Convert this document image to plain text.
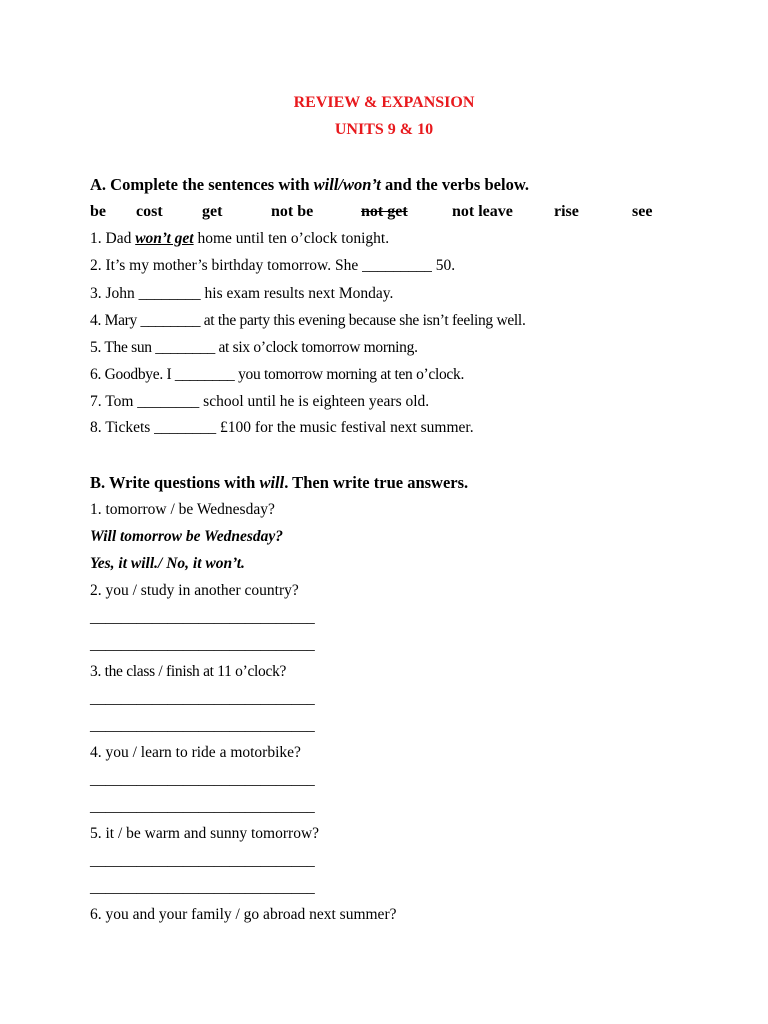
REVIEW & EXPANSION
UNITS 9 & 10
A. Complete the sentences with will/won’t and the verbs below.
be cost get	not be	not get	not leave	rise	see
1. Dad won’t get home until ten o’clock tonight.
2. It’s my mother’s birthday tomorrow. She _________ 50.
3. John ________ his exam results next Monday.
4. Mary ________ at the party this evening because she isn’t feeling well.
5. The sun ________ at six o’clock tomorrow morning.
6. Goodbye. I ________ you tomorrow morning at ten o’clock.
7. Tom ________ school until he is eighteen years old.
8. Tickets ________ £100 for the music festival next summer.
B. Write questions with will. Then write true answers.
1. tomorrow / be Wednesday?
Will tomorrow be Wednesday?
Yes, it will./ No, it won’t.
2. you / study in another country?
_____________________________
_____________________________
3. the class / finish at 11 o’clock?
_____________________________
_____________________________
4. you / learn to ride a motorbike?
_____________________________
_____________________________
5. it / be warm and sunny tomorrow?
_____________________________
_____________________________
6. you and your family / go abroad next summer?
